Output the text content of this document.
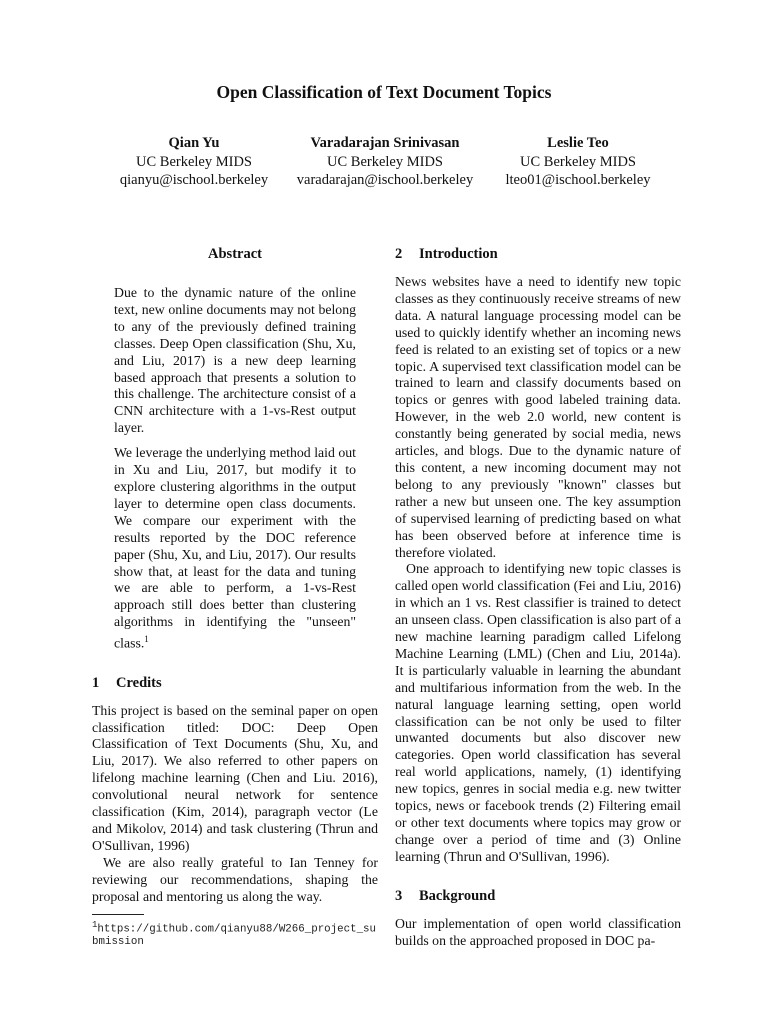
Open Classification of Text Document Topics
Qian Yu
UC Berkeley MIDS
qianyu@ischool.berkeley
Varadarajan Srinivasan
UC Berkeley MIDS
varadarajan@ischool.berkeley
Leslie Teo
UC Berkeley MIDS
lteo01@ischool.berkeley
Abstract

Due to the dynamic nature of the online text, new online documents may not belong to any of the previously defined training classes. Deep Open classification (Shu, Xu, and Liu, 2017) is a new deep learning based approach that presents a solution to this challenge. The architecture consist of a CNN architecture with a 1-vs-Rest output layer.

We leverage the underlying method laid out in Xu and Liu, 2017, but modify it to explore clustering algorithms in the output layer to determine open class documents. We compare our experiment with the results reported by the DOC reference paper (Shu, Xu, and Liu, 2017). Our results show that, at least for the data and tuning we are able to perform, a 1-vs-Rest approach still does better than clustering algorithms in identifying the "unseen" class.$^1$

1 Credits

This project is based on the seminal paper on open classification titled: DOC: Deep Open Classification of Text Documents (Shu, Xu, and Liu, 2017). We also referred to other papers on lifelong machine learning (Chen and Liu. 2016), convolutional neural network for sentence classification (Kim, 2014), paragraph vector (Le and Mikolov, 2014) and task clustering (Thrun and O'Sullivan, 1996)

We are also really grateful to Ian Tenney for reviewing our recommendations, shaping the proposal and mentoring us along the way.

$^1$https://github.com/qianyu88/W266_project_submission
2 Introduction

News websites have a need to identify new topic classes as they continuously receive streams of new data. A natural language processing model can be used to quickly identify whether an incoming news feed is related to an existing set of topics or a new topic. A supervised text classification model can be trained to learn and classify documents based on topics or genres with good labeled training data. However, in the web 2.0 world, new content is constantly being generated by social media, news articles, and blogs. Due to the dynamic nature of this content, a new incoming document may not belong to any previously "known" classes but rather a new but unseen one. The key assumption of supervised learning of predicting based on what has been observed before at inference time is therefore violated.

One approach to identifying new topic classes is called open world classification (Fei and Liu, 2016) in which an 1 vs. Rest classifier is trained to detect an unseen class. Open classification is also part of a new machine learning paradigm called Lifelong Machine Learning (LML) (Chen and Liu, 2014a). It is particularly valuable in learning the abundant and multifarious information from the web. In the natural language learning setting, open world classification can be not only be used to filter unwanted documents but also discover new categories. Open world classification has several real world applications, namely, (1) identifying new topics, genres in social media e.g. new twitter topics, news or facebook trends (2) Filtering email or other text documents where topics may grow or change over a period of time and (3) Online learning (Thrun and O'Sullivan, 1996).

3 Background

Our implementation of open world classification builds on the approached proposed in DOC pa-
